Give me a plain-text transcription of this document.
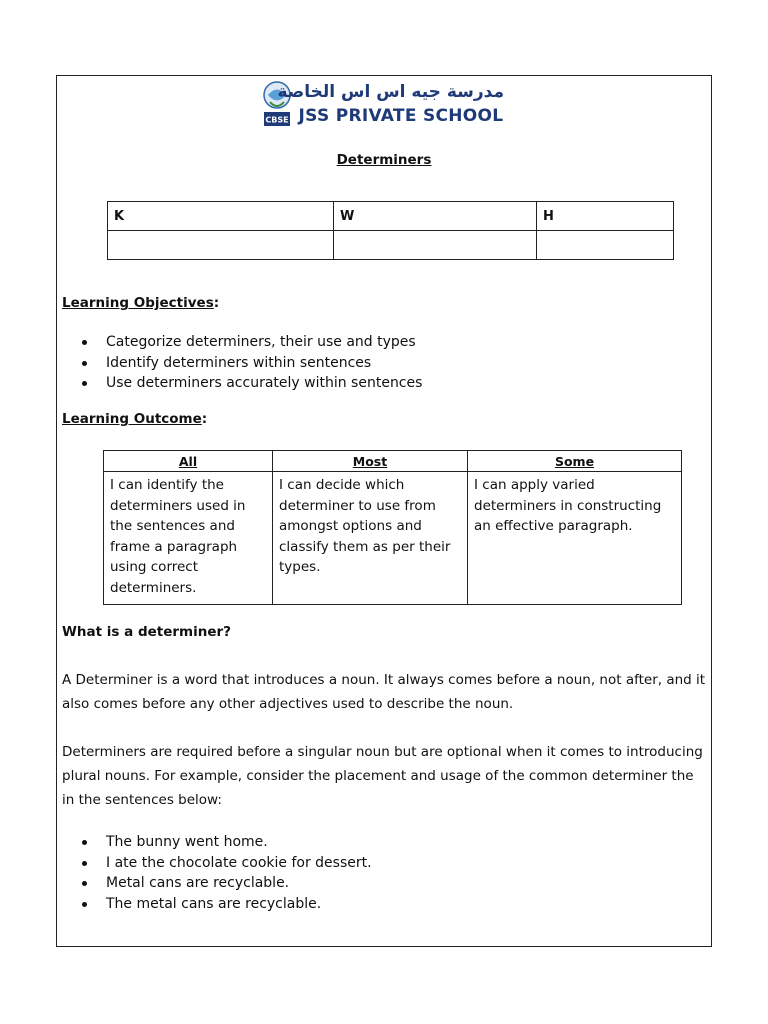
CBSE
مدرسة جيه اس اس الخاصة
JSS PRIVATE SCHOOL
Determiners
K	W	H

Learning Objectives:
Categorize determiners, their use and types
Identify determiners within sentences
Use determiners accurately within sentences
Learning Outcome:
All	Most	Some
I can identify the determiners used in the sentences and frame a paragraph using correct determiners.	I can decide which determiner to use from amongst options and classify them as per their types.	I can apply varied determiners in constructing an effective paragraph.
What is a determiner?
A Determiner is a word that introduces a noun. It always comes before a noun, not after, and it also comes before any other adjectives used to describe the noun.
Determiners are required before a singular noun but are optional when it comes to introducing plural nouns. For example, consider the placement and usage of the common determiner the in the sentences below:
The bunny went home.
I ate the chocolate cookie for dessert.
Metal cans are recyclable.
The metal cans are recyclable.
